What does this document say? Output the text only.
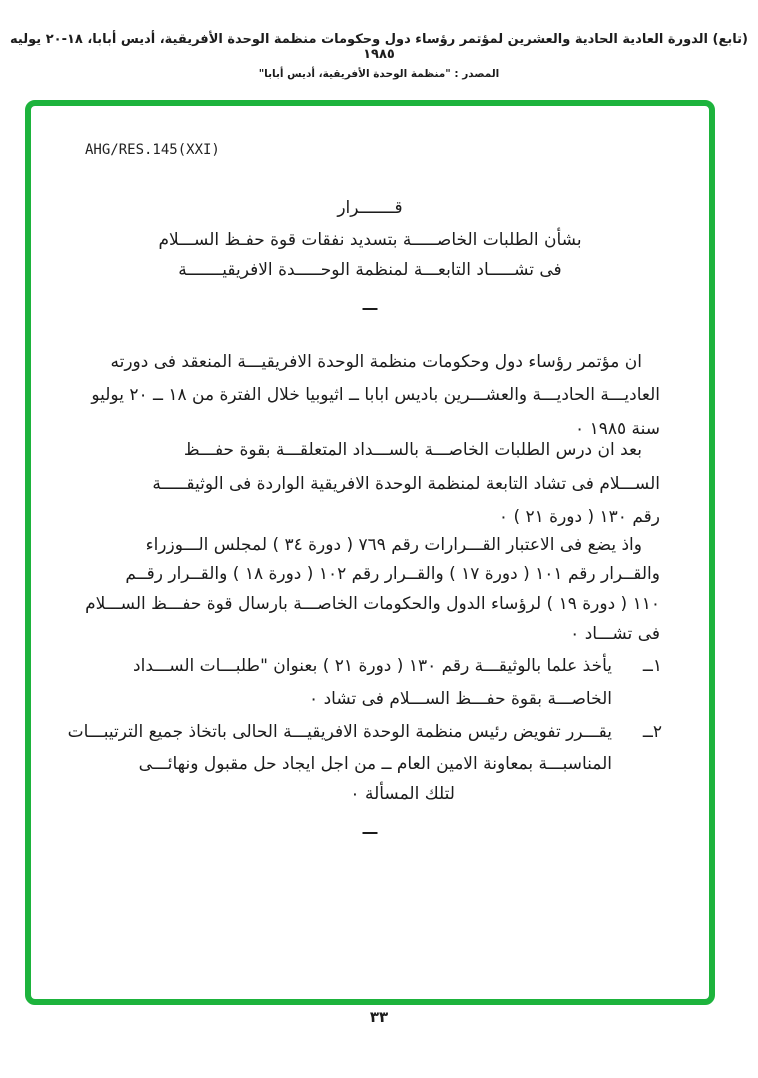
(تابع) الدورة العادية الحادية والعشرين لمؤتمر رؤساء دول وحكومات منظمة الوحدة الأفريقية، أديس أبابا، ١٨-٢٠ يوليه ١٩٨٥
المصدر : "منظمة الوحدة الأفريقية، أديس أبابا"
AHG/RES.145(XXI)
قـــــــرار
بشأن الطلبات الخاصـــــة بتسديد نفقات قوة حفـظ الســـلام
فى تشـــــاد التابعـــة لمنظمة الوحـــــدة الافريقيـــــــة
ان مؤتمر رؤساء دول وحكومات منظمة الوحدة الافريقيـــة المنعقد فى دورته
العاديـــة الحاديـــة والعشـــرين باديس ابابا ــ اثيوبيا خلال الفترة من ١٨ ــ ٢٠ يوليو
سنة ١٩٨٥ ٠
بعد ان درس الطلبات الخاصـــة بالســـداد المتعلقـــة بقوة حفـــظ
الســـلام فى تشاد التابعة لمنظمة الوحدة الافريقية الواردة فى الوثيقـــــة
رقم ١٣٠ ( دورة ٢١ ) ٠
واذ يضع فى الاعتبار القـــرارات رقم ٧٦٩ ( دورة ٣٤ ) لمجلس الـــوزراء
والقــرار رقم ١٠١ ( دورة ١٧ ) والقــرار رقم ١٠٢ ( دورة ١٨ ) والقــرار رقــم
١١٠ ( دورة ١٩ ) لرؤساء الدول والحكومات الخاصـــة بارسال قوة حفـــظ الســـلام
فى تشـــاد ٠
١ــ
يأخذ علما بالوثيقـــة رقم ١٣٠ ( دورة ٢١ ) بعنوان "طلبـــات الســـداد
الخاصـــة بقوة حفـــظ الســـلام فى تشاد ٠
٢ــ
يقـــرر تفويض رئيس منظمة الوحدة الافريقيـــة الحالى باتخاذ جميع الترتيبـــات
المناسبـــة بمعاونة الامين العام ــ من اجل ايجاد حل مقبول ونهائـــى
لتلك المسألة ٠
٣٣
